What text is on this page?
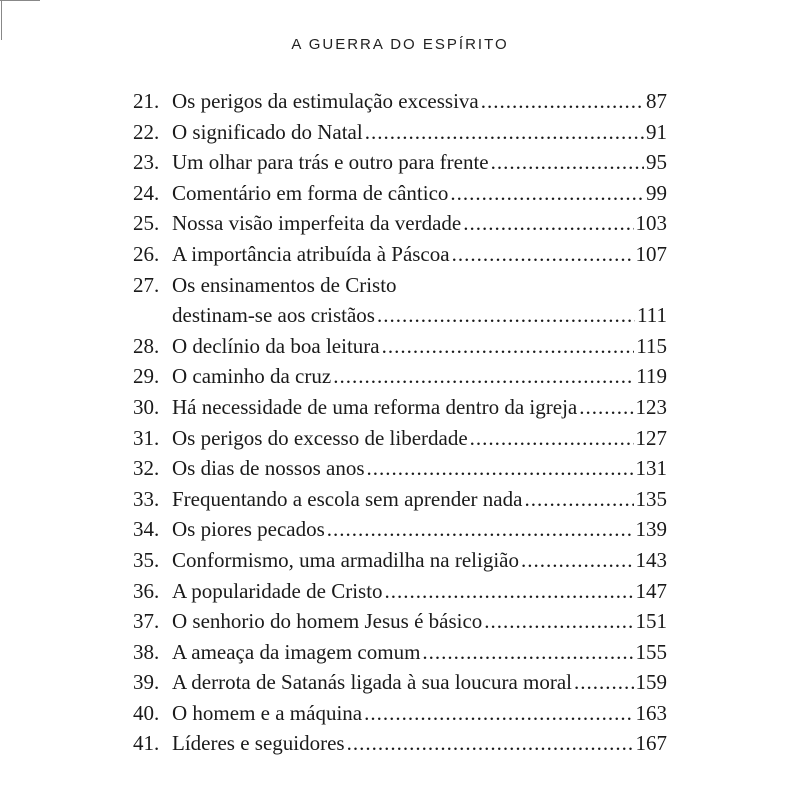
A GUERRA DO ESPÍRITO
21. Os perigos da estimulação excessiva .....	87
22. O significado do Natal .....	91
23. Um olhar para trás e outro para frente .....	95
24. Comentário em forma de cântico .....	99
25. Nossa visão imperfeita da verdade .....	103
26. A importância atribuída à Páscoa .....	107
27. Os ensinamentos de Cristo
destinam-se aos cristãos .....	111
28. O declínio da boa leitura .....	115
29. O caminho da cruz .....	119
30. Há necessidade de uma reforma dentro da igreja .....	123
31. Os perigos do excesso de liberdade .....	127
32. Os dias de nossos anos .....	131
33. Frequentando a escola sem aprender nada .....	135
34. Os piores pecados .....	139
35. Conformismo, uma armadilha na religião .....	143
36. A popularidade de Cristo .....	147
37. O senhorio do homem Jesus é básico .....	151
38. A ameaça da imagem comum .....	155
39. A derrota de Satanás ligada à sua loucura moral .....	159
40. O homem e a máquina .....	163
41. Líderes e seguidores .....	167
